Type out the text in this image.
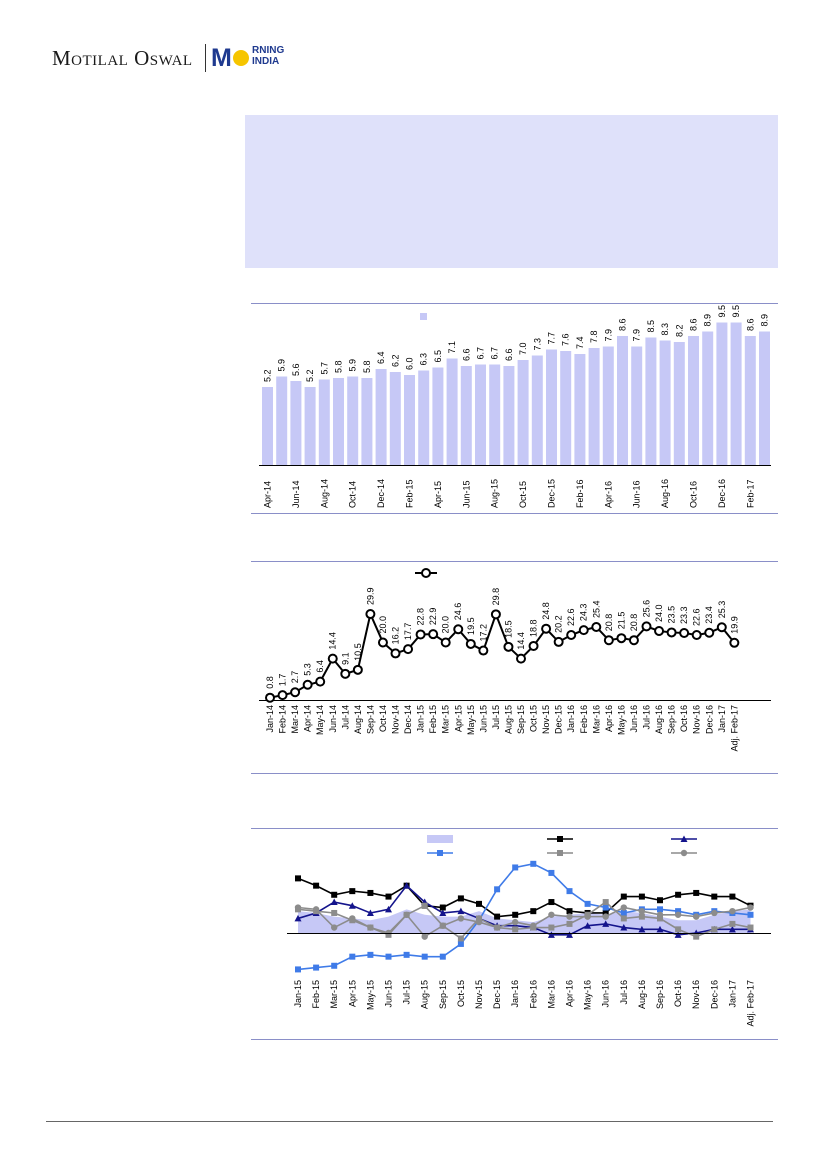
Motilal Oswal M RNING
INDIA
5.2
5.9 5.6 5.2
5.7 5.8 5.9 5.8
6.4 6.2 6.0 6.3 6.5
7.1
6.6 6.7 6.7 6.6 7.0 7.3 7.7 7.6 7.4 7.8 7.9
8.6
7.9
8.5 8.3 8.2 8.6 8.9
9.5 9.5
8.6 8.9
Apr-14 Jun-14 Aug-14 Oct-14 Dec-14 Feb-15 Apr-15 Jun-15 Aug-15 Oct-15 Dec-15 Feb-16 Apr-16 Jun-16 Aug-16 Oct-16 Dec-16 Feb-17
0.8 1.7 2.7
5.3 6.4
14.4
9.1 10.5
29.9
20.0
16.2 17.7
22.8 22.9 20.0
24.6
19.5 17.2
29.8
18.5
14.4
18.8
24.8
20.2 22.6 24.3 25.4
20.8 21.5 20.8
25.6 24.0 23.5 23.3 22.6 23.4 25.3
19.9
Jan-14 Feb-14 Mar-14 Apr-14 May-14 Jun-14 Jul-14 Aug-14 Sep-14 Oct-14 Nov-14 Dec-14 Jan-15 Feb-15 Mar-15 Apr-15 May-15 Jun-15 Jul-15 Aug-15 Sep-15 Oct-15 Nov-15 Dec-15 Jan-16 Feb-16 Mar-16 Apr-16 May-16 Jun-16 Jul-16 Aug-16 Sep-16 Oct-16 Nov-16 Dec-16 Jan-17 Adj. Feb-17
Jan-15 Feb-15 Mar-15 Apr-15 May-15 Jun-15 Jul-15 Aug-15 Sep-15 Oct-15 Nov-15 Dec-15 Jan-16 Feb-16 Mar-16 Apr-16 May-16 Jun-16 Jul-16 Aug-16 Sep-16 Oct-16 Nov-16 Dec-16 Jan-17 Adj. Feb-17
